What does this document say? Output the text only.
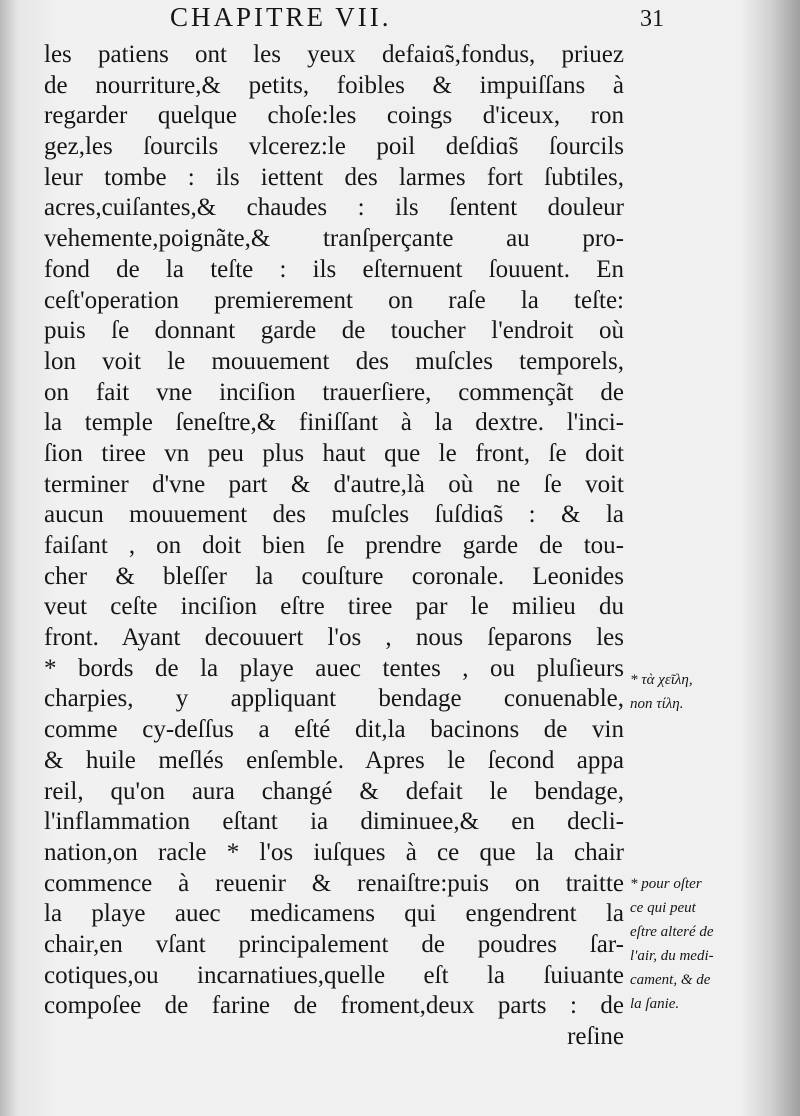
CHAPITRE VII.	31
les patiens ont les yeux defaiɑ̃s,fondus, priuez
de nourriture,& petits, foibles & impuiſſans à
regarder quelque choſe:les coings d'iceux, ron
gez,les ſourcils vlcerez:le poil deſdiɑ̃s ſourcils
leur tombe : ils iettent des larmes fort ſubtiles,
acres,cuiſantes,& chaudes : ils ſentent douleur
vehemente,poignãte,& tranſperçante au pro-
fond de la teſte : ils eſternuent ſouuent. En
ceſt'operation premierement on raſe la teſte:
puis ſe donnant garde de toucher l'endroit où
lon voit le mouuement des muſcles temporels,
on fait vne inciſion trauerſiere, commençãt de
la temple ſeneſtre,& finiſſant à la dextre. l'inci-
ſion tiree vn peu plus haut que le front, ſe doit
terminer d'vne part & d'autre,là où ne ſe voit
aucun mouuement des muſcles ſuſdiɑ̃s : & la
faiſant , on doit bien ſe prendre garde de tou-
cher & bleſſer la couſture coronale. Leonides
veut ceſte inciſion eſtre tiree par le milieu du
front. Ayant decouuert l'os , nous ſeparons les
* bords de la playe auec tentes , ou pluſieurs
charpies, y appliquant bendage conuenable,
comme cy-deſſus a eſté dit,la bacinons de vin
& huile meſlés enſemble. Apres le ſecond appa
reil, qu'on aura changé & defait le bendage,
l'inflammation eſtant ia diminuee,& en decli-
nation,on racle * l'os iuſques à ce que la chair
commence à reuenir & renaiſtre:puis on traitte
la playe auec medicamens qui engendrent la
chair,en vſant principalement de poudres ſar-
cotiques,ou incarnatiues,quelle eſt la ſuiuante
compoſee de farine de froment,deux parts : de
reſine
* τὰ χεῖλη,
non τίλη.
* pour oſter
ce qui peut
eſtre alteré de
l'air, du medi-
cament, & de
la ſanie.
